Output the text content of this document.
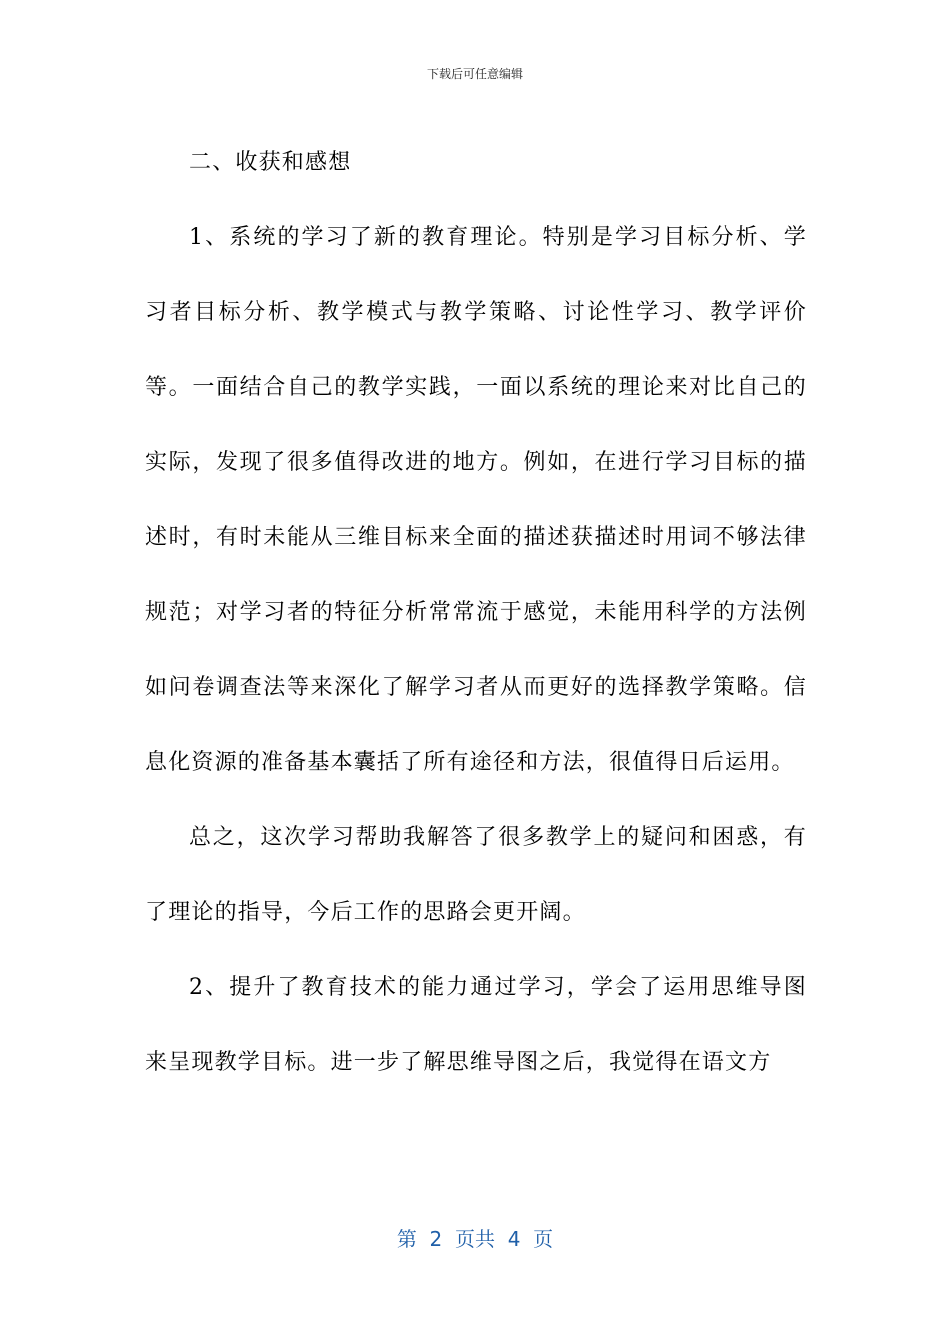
下载后可任意编辑

二、收获和感想

1、系统的学习了新的教育理论。特别是学习目标分析、学习者目标分析、教学模式与教学策略、讨论性学习、教学评价等。一面结合自己的教学实践，一面以系统的理论来对比自己的实际，发现了很多值得改进的地方。例如，在进行学习目标的描述时，有时未能从三维目标来全面的描述获描述时用词不够法律规范；对学习者的特征分析常常流于感觉，未能用科学的方法例如问卷调查法等来深化了解学习者从而更好的选择教学策略。信息化资源的准备基本囊括了所有途径和方法，很值得日后运用。

总之，这次学习帮助我解答了很多教学上的疑问和困惑，有了理论的指导，今后工作的思路会更开阔。

2、提升了教育技术的能力通过学习，学会了运用思维导图来呈现教学目标。进一步了解思维导图之后，我觉得在语文方

第  2  页共  4  页
